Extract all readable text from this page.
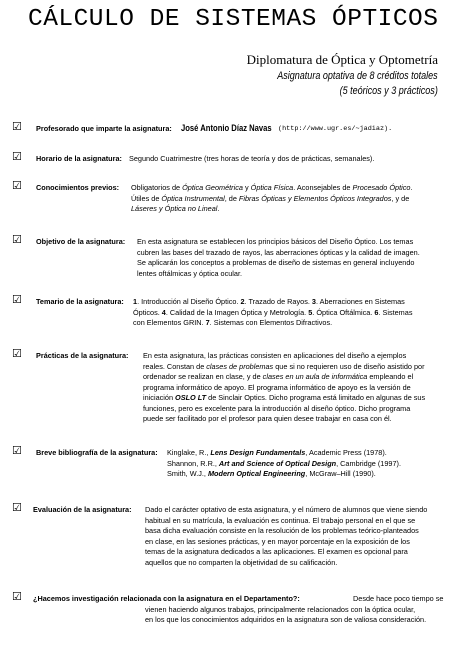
CÁLCULO DE SISTEMAS ÓPTICOS
Diplomatura de Óptica y Optometría
Asignatura optativa de 8 créditos totales
(5 teóricos y 3 prácticos)
☑ Profesorado que imparte la asignatura: José Antonio Díaz Navas (http://www.ugr.es/~jadiaz).
☑ Horario de la asignatura: Segundo Cuatrimestre (tres horas de teoría y dos de prácticas, semanales).
☑ Conocimientos previos: Obligatorios de Óptica Geométrica y Óptica Física. Aconsejables de Procesado Óptico.
Útiles de Óptica Instrumental, de Fibras Ópticas y Elementos Ópticos Integrados, y de
Láseres y Óptica no Lineal.
☑ Objetivo de la asignatura: En esta asignatura se establecen los principios básicos del Diseño Óptico. Los temas
cubren las bases del trazado de rayos, las aberraciones ópticas y la calidad de imagen.
Se aplicarán los conceptos a problemas de diseño de sistemas en general incluyendo
lentes oftálmicas y óptica ocular.
☑ Temario de la asignatura: 1. Introducción al Diseño Óptico. 2. Trazado de Rayos. 3. Aberraciones en Sistemas
Ópticos. 4. Calidad de la Imagen Óptica y Metrología. 5. Óptica Oftálmica. 6. Sistemas
con Elementos GRIN. 7. Sistemas con Elementos Difractivos.
☑ Prácticas de la asignatura: En esta asignatura, las prácticas consisten en aplicaciones del diseño a ejemplos
reales. Constan de clases de problemas que si no requieren uso de diseño asistido por
ordenador se realizan en clase, y de clases en un aula de informática empleando el
programa informático de apoyo. El programa informático de apoyo es la versión de
iniciación OSLO LT de Sinclair Optics. Dicho programa está limitado en algunas de sus
funciones, pero es excelente para la introducción al diseño óptico. Dicho programa
puede ser facilitado por el profesor para quien desee trabajar en casa con él.
☑ Breve bibliografía de la asignatura: Kinglake, R., Lens Design Fundamentals, Academic Press (1978).
Shannon, R.R., Art and Science of Optical Design, Cambridge (1997).
Smith, W.J., Modern Optical Engineering, McGraw–Hill (1990).
☑ Evaluación de la asignatura: Dado el carácter optativo de esta asignatura, y el número de alumnos que viene siendo
habitual en su matrícula, la evaluación es continua. El trabajo personal en el que se
basa dicha evaluación consiste en la resolución de los problemas teórico-planteados
en clase, en las sesiones prácticas, y en mayor porcentaje en la exposición de los
temas de la asignatura dedicados a las aplicaciones. El examen es opcional para
aquellos que no comparten la objetividad de su calificación.
☑ ¿Hacemos investigación relacionada con la asignatura en el Departamento?:	Desde hace poco tiempo se
vienen haciendo algunos trabajos, principalmente relacionados con la óptica ocular,
en los que los conocimientos adquiridos en la asignatura son de valiosa consideración.
